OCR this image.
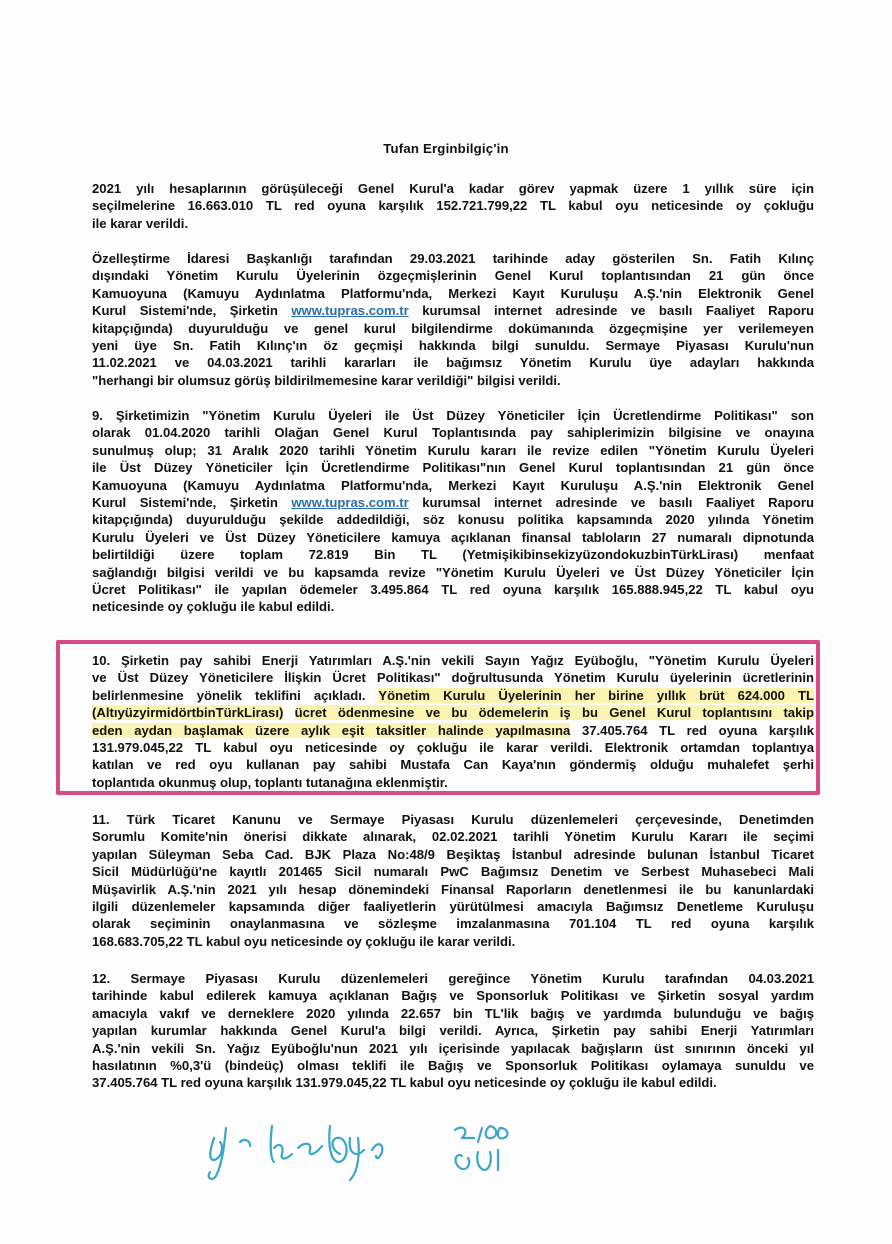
Tufan Erginbilgiç'in
2021 yılı hesaplarının görüşüleceği Genel Kurul'a kadar görev yapmak üzere 1 yıllık süre için
seçilmelerine 16.663.010 TL red oyuna karşılık 152.721.799,22 TL kabul oyu neticesinde oy çokluğu
ile karar verildi.
Özelleştirme İdaresi Başkanlığı tarafından 29.03.2021 tarihinde aday gösterilen Sn. Fatih Kılınç
dışındaki Yönetim Kurulu Üyelerinin özgeçmişlerinin Genel Kurul toplantısından 21 gün önce
Kamuoyuna (Kamuyu Aydınlatma Platformu'nda, Merkezi Kayıt Kuruluşu A.Ş.'nin Elektronik Genel
Kurul Sistemi'nde, Şirketin www.tupras.com.tr kurumsal internet adresinde ve basılı Faaliyet Raporu
kitapçığında) duyurulduğu ve genel kurul bilgilendirme dokümanında özgeçmişine yer verilemeyen
yeni üye Sn. Fatih Kılınç'ın öz geçmişi hakkında bilgi sunuldu. Sermaye Piyasası Kurulu'nun
11.02.2021 ve 04.03.2021 tarihli kararları ile bağımsız Yönetim Kurulu üye adayları hakkında
"herhangi bir olumsuz görüş bildirilmemesine karar verildiği" bilgisi verildi.
9. Şirketimizin "Yönetim Kurulu Üyeleri ile Üst Düzey Yöneticiler İçin Ücretlendirme Politikası" son
olarak 01.04.2020 tarihli Olağan Genel Kurul Toplantısında pay sahiplerimizin bilgisine ve onayına
sunulmuş olup; 31 Aralık 2020 tarihli Yönetim Kurulu kararı ile revize edilen "Yönetim Kurulu Üyeleri
ile Üst Düzey Yöneticiler İçin Ücretlendirme Politikası"nın Genel Kurul toplantısından 21 gün önce
Kamuoyuna (Kamuyu Aydınlatma Platformu'nda, Merkezi Kayıt Kuruluşu A.Ş.'nin Elektronik Genel
Kurul Sistemi'nde, Şirketin www.tupras.com.tr kurumsal internet adresinde ve basılı Faaliyet Raporu
kitapçığında) duyurulduğu şekilde addedildiği, söz konusu politika kapsamında 2020 yılında Yönetim
Kurulu Üyeleri ve Üst Düzey Yöneticilere kamuya açıklanan finansal tabloların 27 numaralı dipnotunda
belirtildiği üzere toplam 72.819 Bin TL (YetmişikibinsekizyüzondokuzbinTürkLirası) menfaat
sağlandığı bilgisi verildi ve bu kapsamda revize "Yönetim Kurulu Üyeleri ve Üst Düzey Yöneticiler İçin
Ücret Politikası" ile yapılan ödemeler 3.495.864 TL red oyuna karşılık 165.888.945,22 TL kabul oyu
neticesinde oy çokluğu ile kabul edildi.
10. Şirketin pay sahibi Enerji Yatırımları A.Ş.'nin vekili Sayın Yağız Eyüboğlu, "Yönetim Kurulu Üyeleri
ve Üst Düzey Yöneticilere İlişkin Ücret Politikası" doğrultusunda Yönetim Kurulu üyelerinin ücretlerinin
belirlenmesine yönelik teklifini açıkladı. Yönetim Kurulu Üyelerinin her birine yıllık brüt 624.000 TL
(AltıyüzyirmidörtbinTürkLirası) ücret ödenmesine ve bu ödemelerin iş bu Genel Kurul toplantısını takip
eden aydan başlamak üzere aylık eşit taksitler halinde yapılmasına 37.405.764 TL red oyuna karşılık
131.979.045,22 TL kabul oyu neticesinde oy çokluğu ile karar verildi. Elektronik ortamdan toplantıya
katılan ve red oyu kullanan pay sahibi Mustafa Can Kaya'nın göndermiş olduğu muhalefet şerhi
toplantıda okunmuş olup, toplantı tutanağına eklenmiştir.
11. Türk Ticaret Kanunu ve Sermaye Piyasası Kurulu düzenlemeleri çerçevesinde, Denetimden
Sorumlu Komite'nin önerisi dikkate alınarak, 02.02.2021 tarihli Yönetim Kurulu Kararı ile seçimi
yapılan Süleyman Seba Cad. BJK Plaza No:48/9 Beşiktaş İstanbul adresinde bulunan İstanbul Ticaret
Sicil Müdürlüğü'ne kayıtlı 201465 Sicil numaralı PwC Bağımsız Denetim ve Serbest Muhasebeci Mali
Müşavirlik A.Ş.'nin 2021 yılı hesap dönemindeki Finansal Raporların denetlenmesi ile bu kanunlardaki
ilgili düzenlemeler kapsamında diğer faaliyetlerin yürütülmesi amacıyla Bağımsız Denetleme Kuruluşu
olarak seçiminin onaylanmasına ve sözleşme imzalanmasına 701.104 TL red oyuna karşılık
168.683.705,22 TL kabul oyu neticesinde oy çokluğu ile karar verildi.
12. Sermaye Piyasası Kurulu düzenlemeleri gereğince Yönetim Kurulu tarafından 04.03.2021
tarihinde kabul edilerek kamuya açıklanan Bağış ve Sponsorluk Politikası ve Şirketin sosyal yardım
amacıyla vakıf ve derneklere 2020 yılında 22.657 bin TL'lik bağış ve yardımda bulunduğu ve bağış
yapılan kurumlar hakkında Genel Kurul'a bilgi verildi. Ayrıca, Şirketin pay sahibi Enerji Yatırımları
A.Ş.'nin vekili Sn. Yağız Eyüboğlu'nun 2021 yılı içerisinde yapılacak bağışların üst sınırının önceki yıl
hasılatının %0,3'ü (bindeüç) olması teklifi ile Bağış ve Sponsorluk Politikası oylamaya sunuldu ve
37.405.764 TL red oyuna karşılık 131.979.045,22 TL kabul oyu neticesinde oy çokluğu ile kabul edildi.
